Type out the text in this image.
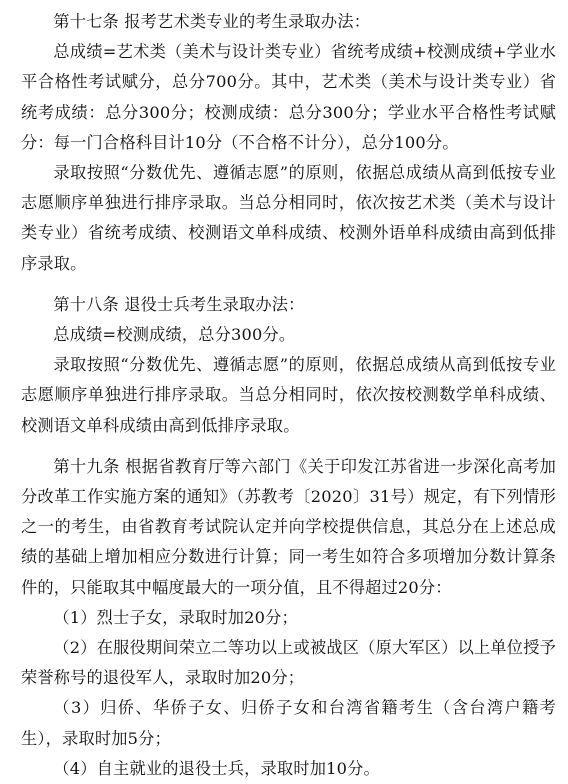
第十七条 报考艺术类专业的考生录取办法：

总成绩=艺术类（美术与设计类专业）省统考成绩+校测成绩+学业水平合格性考试赋分，总分700分。其中，艺术类（美术与设计类专业）省统考成绩：总分300分；校测成绩：总分300分；学业水平合格性考试赋分：每一门合格科目计10分（不合格不计分），总分100分。

录取按照“分数优先、遵循志愿”的原则，依据总成绩从高到低按专业志愿顺序单独进行排序录取。当总分相同时，依次按艺术类（美术与设计类专业）省统考成绩、校测语文单科成绩、校测外语单科成绩由高到低排序录取。

第十八条 退役士兵考生录取办法：

总成绩=校测成绩，总分300分。

录取按照“分数优先、遵循志愿”的原则，依据总成绩从高到低按专业志愿顺序单独进行排序录取。当总分相同时，依次按校测数学单科成绩、校测语文单科成绩由高到低排序录取。

第十九条 根据省教育厅等六部门《关于印发江苏省进一步深化高考加分改革工作实施方案的通知》（苏教考〔2020〕31号）规定，有下列情形之一的考生，由省教育考试院认定并向学校提供信息，其总分在上述总成绩的基础上增加相应分数进行计算；同一考生如符合多项增加分数计算条件的，只能取其中幅度最大的一项分值，且不得超过20分：

（1）烈士子女，录取时加20分；

（2）在服役期间荣立二等功以上或被战区（原大军区）以上单位授予荣誉称号的退役军人，录取时加20分；

（3）归侨、华侨子女、归侨子女和台湾省籍考生（含台湾户籍考生），录取时加5分；

（4）自主就业的退役士兵，录取时加10分。
